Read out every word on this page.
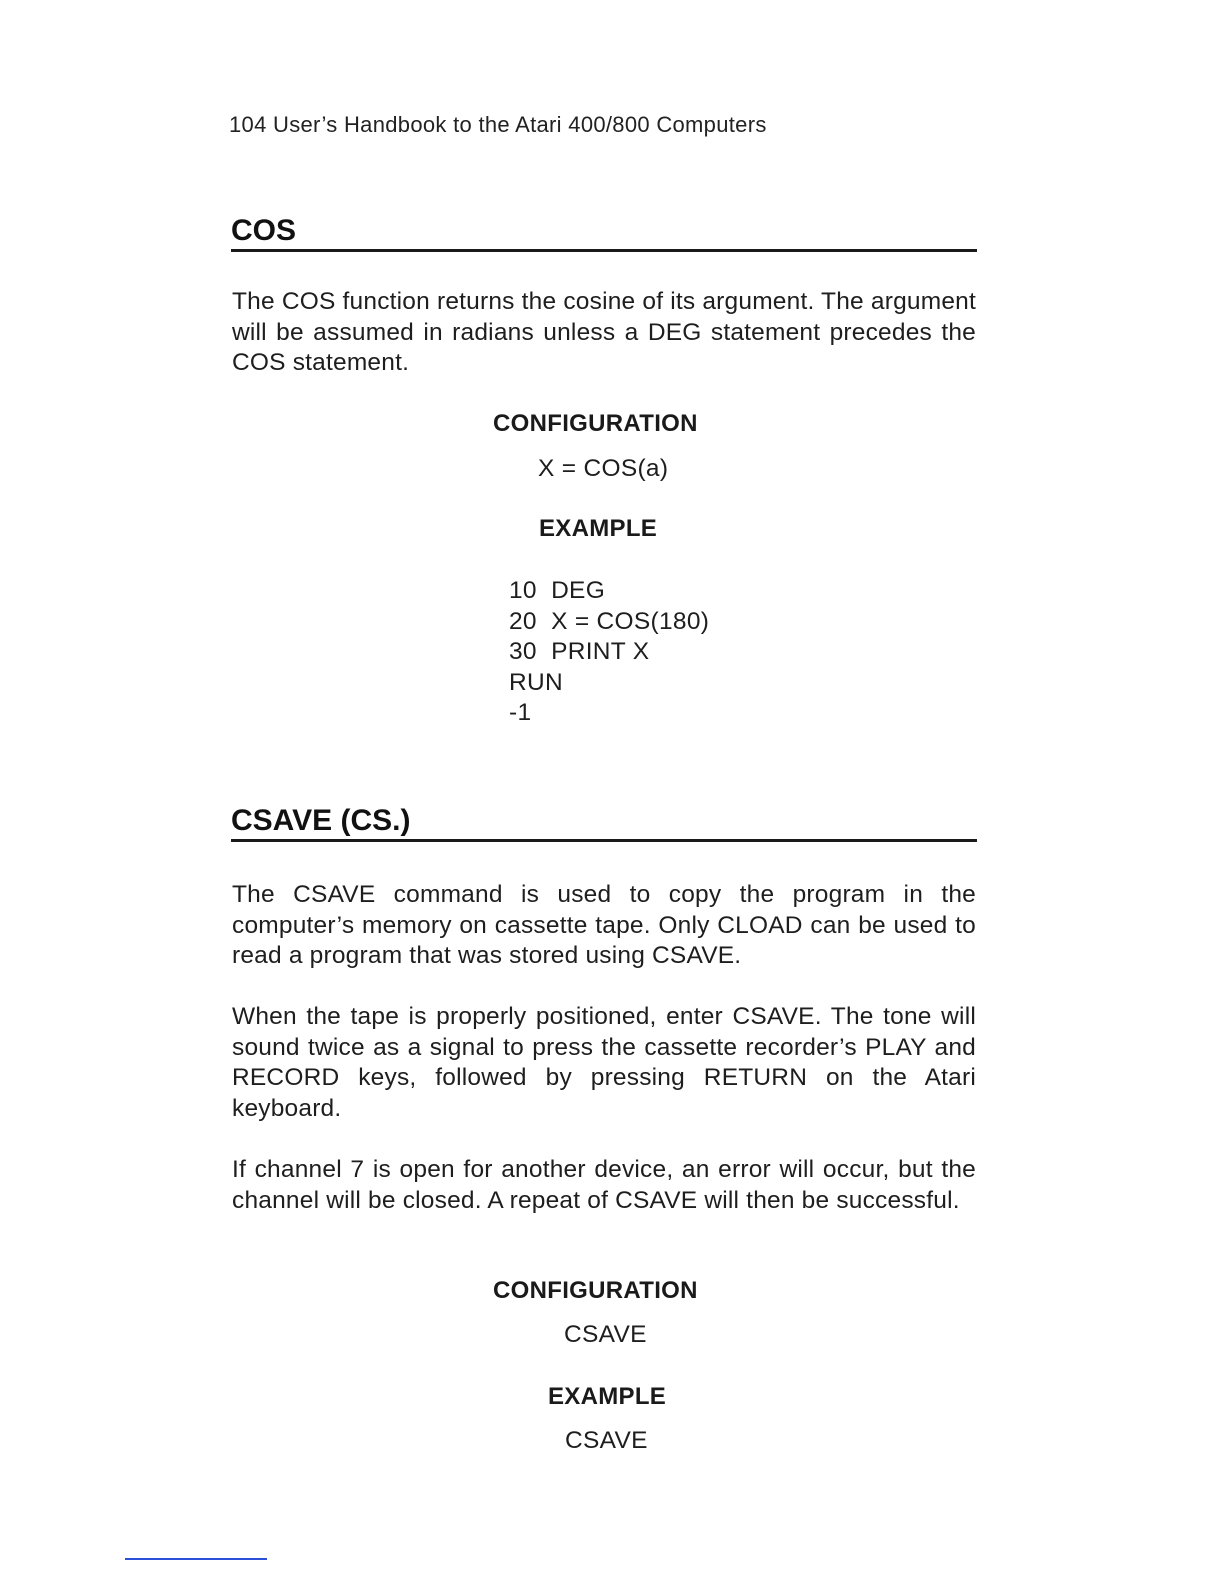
104 User’s Handbook to the Atari 400/800 Computers
COS
The COS function returns the cosine of its argument. The argument will be assumed in radians unless a DEG statement precedes the COS statement.
CONFIGURATION
X = COS(a)
EXAMPLE
10  DEG
20  X = COS(180)
30  PRINT X
RUN
-1
CSAVE (CS.)
The CSAVE command is used to copy the program in the computer’s memory on cassette tape. Only CLOAD can be used to read a program that was stored using CSAVE.
When the tape is properly positioned, enter CSAVE. The tone will sound twice as a signal to press the cassette recorder’s PLAY and RECORD keys, followed by pressing RETURN on the Atari keyboard.
If channel 7 is open for another device, an error will occur, but the channel will be closed. A repeat of CSAVE will then be successful.
CONFIGURATION
CSAVE
EXAMPLE
CSAVE
